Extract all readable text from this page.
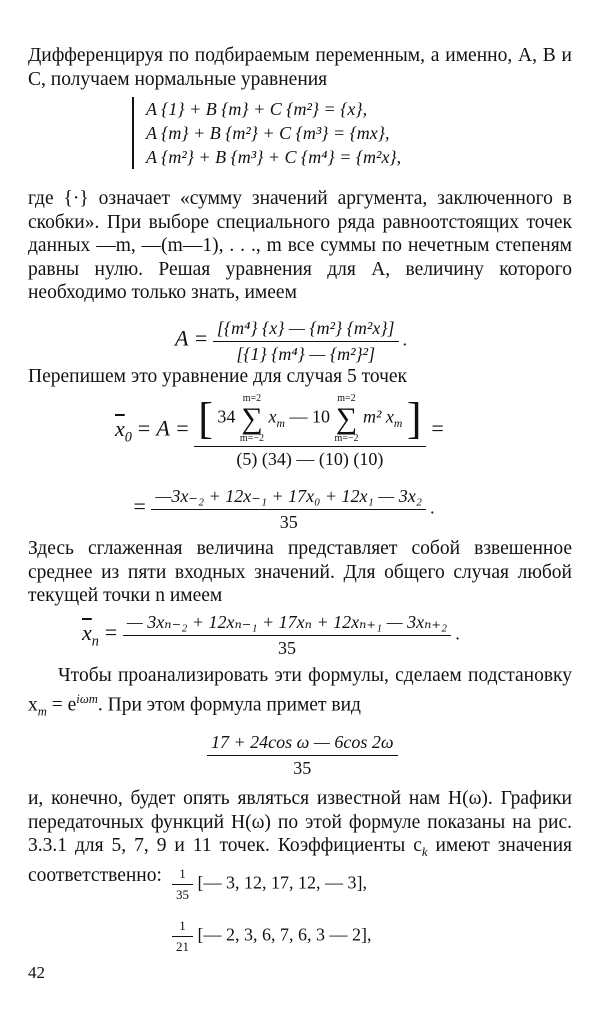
Дифференцируя по подбираемым переменным, а именно, A, B и C, получаем нормальные уравнения
A {1} + B {m} + C {m²} = {x},
A {m} + B {m²} + C {m³} = {mx},
A {m²} + B {m³} + C {m⁴} = {m²x},
где {·} означает «сумму значений аргумента, заключенного в скобки». При выборе специального ряда равноотстоящих точек данных —m, —(m—1), . . ., m все суммы по нечетным степеням равны нулю. Решая уравнения для A, величину которого необходимо только знать, имеем
$A = \frac{\text{[\{m⁴\} \{x\} — \{m²\} \{m²x\}]}}{\text{[\{1\} \{m⁴\} — \{m²\}²]}}$ .
Перепишем это уравнение для случая 5 точек
$\overline{x}_0 = A$ = [ 34
m=2
∑
m=−2
$x_m$ — 10
m=2
∑
m=−2
m² $x_m$ ]
(5) (34) — (10) (10)
=
= $\frac{\text{—3x₋₂ + 12x₋₁ + 17x₀ + 12x₁ — 3x₂}}{35}$ .
Здесь сглаженная величина представляет собой взвешенное среднее из пяти входных значений. Для общего случая любой текущей точки n имеем
$\overline{x}_n = \frac{\text{— 3xₙ₋₂ + 12xₙ₋₁ + 17xₙ + 12xₙ₊₁ — 3xₙ₊₂}}{35}$ .
Чтобы проанализировать эти формулы, сделаем подстановку $x_m = e^{i\omega m}$. При этом формула примет вид
$\frac{\text{17 + 24cos ω — 6cos 2ω}}{35}$
и, конечно, будет опять являться известной нам H(ω). Графики передаточных функций H(ω) по этой формуле показаны на рис. 3.3.1 для 5, 7, 9 и 11 точек. Коэффициенты $c_k$ имеют значения соответственно: $\frac{1}{35}$ [— 3, 12, 17, 12, — 3],
$\frac{1}{21}$ [— 2, 3, 6, 7, 6, 3 — 2],
42
